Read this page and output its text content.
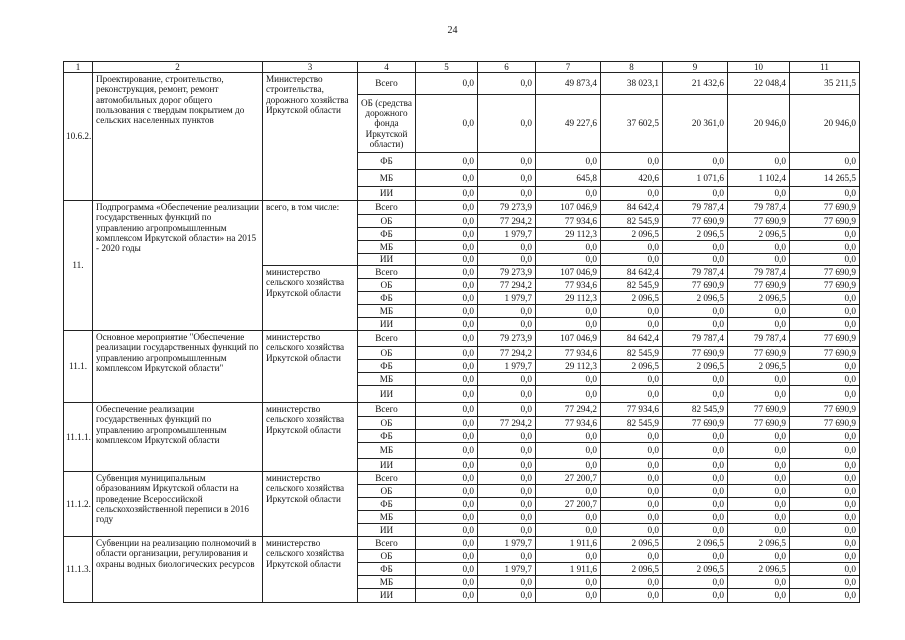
24
1	2	3	4	5	6	7	8	9	10	11	
10.6.2.	Проектирование, строительство, реконструкция, ремонт, ремонт автомобильных дорог общего пользования с твердым покрытием до сельских населенных пунктов	Министерство строительства, дорожного хозяйства Иркутской области	Всего	0,0	0,0	49 873,4	38 023,1	21 432,6	22 048,4	35 211,5	
			ОБ (средства дорожного фонда Иркутской области)	0,0	0,0	49 227,6	37 602,5	20 361,0	20 946,0	20 946,0	
			ФБ	0,0	0,0	0,0	0,0	0,0	0,0	0,0	
			МБ	0,0	0,0	645,8	420,6	1 071,6	1 102,4	14 265,5	
			ИИ	0,0	0,0	0,0	0,0	0,0	0,0	0,0	
11.	Подпрограмма «Обеспечение реализации государственных функций по управлению агропромышленным комплексом Иркутской области» на 2015 - 2020 годы	всего, в том числе:	Всего	0,0	79 273,9	107 046,9	84 642,4	79 787,4	79 787,4	77 690,9	
			ОБ	0,0	77 294,2	77 934,6	82 545,9	77 690,9	77 690,9	77 690,9	
			ФБ	0,0	1 979,7	29 112,3	2 096,5	2 096,5	2 096,5	0,0	
			МБ	0,0	0,0	0,0	0,0	0,0	0,0	0,0	
			ИИ	0,0	0,0	0,0	0,0	0,0	0,0	0,0	
		министерство сельского хозяйства Иркутской области	Всего	0,0	79 273,9	107 046,9	84 642,4	79 787,4	79 787,4	77 690,9	
			ОБ	0,0	77 294,2	77 934,6	82 545,9	77 690,9	77 690,9	77 690,9	
			ФБ	0,0	1 979,7	29 112,3	2 096,5	2 096,5	2 096,5	0,0	
			МБ	0,0	0,0	0,0	0,0	0,0	0,0	0,0	
			ИИ	0,0	0,0	0,0	0,0	0,0	0,0	0,0	
11.1.	Основное мероприятие "Обеспечение реализации государственных функций по управлению агропромышленным комплексом Иркутской области"	министерство сельского хозяйства Иркутской области	Всего	0,0	79 273,9	107 046,9	84 642,4	79 787,4	79 787,4	77 690,9	
			ОБ	0,0	77 294,2	77 934,6	82 545,9	77 690,9	77 690,9	77 690,9	
			ФБ	0,0	1 979,7	29 112,3	2 096,5	2 096,5	2 096,5	0,0	
			МБ	0,0	0,0	0,0	0,0	0,0	0,0	0,0	
			ИИ	0,0	0,0	0,0	0,0	0,0	0,0	0,0	
11.1.1.	Обеспечение реализации государственных функций по управлению агропромышленным комплексом Иркутской области	министерство сельского хозяйства Иркутской области	Всего	0,0	0,0	77 294,2	77 934,6	82 545,9	77 690,9	77 690,9	
			ОБ	0,0	77 294,2	77 934,6	82 545,9	77 690,9	77 690,9	77 690,9	
			ФБ	0,0	0,0	0,0	0,0	0,0	0,0	0,0	
			МБ	0,0	0,0	0,0	0,0	0,0	0,0	0,0	
			ИИ	0,0	0,0	0,0	0,0	0,0	0,0	0,0	
11.1.2.	Субвенция муниципальным образованиям Иркутской области на проведение Всероссийской сельскохозяйственной переписи в 2016 году	министерство сельского хозяйства Иркутской области	Всего	0,0	0,0	27 200,7	0,0	0,0	0,0	0,0	
			ОБ	0,0	0,0	0,0	0,0	0,0	0,0	0,0	
			ФБ	0,0	0,0	27 200,7	0,0	0,0	0,0	0,0	
			МБ	0,0	0,0	0,0	0,0	0,0	0,0	0,0	
			ИИ	0,0	0,0	0,0	0,0	0,0	0,0	0,0	
11.1.3.	Субвенции на реализацию полномочий в области организации, регулирования и охраны водных биологических ресурсов	министерство сельского хозяйства Иркутской области	Всего	0,0	1 979,7	1 911,6	2 096,5	2 096,5	2 096,5	0,0	
			ОБ	0,0	0,0	0,0	0,0	0,0	0,0	0,0	
			ФБ	0,0	1 979,7	1 911,6	2 096,5	2 096,5	2 096,5	0,0	
			МБ	0,0	0,0	0,0	0,0	0,0	0,0	0,0	
			ИИ	0,0	0,0	0,0	0,0	0,0	0,0	0,0	
